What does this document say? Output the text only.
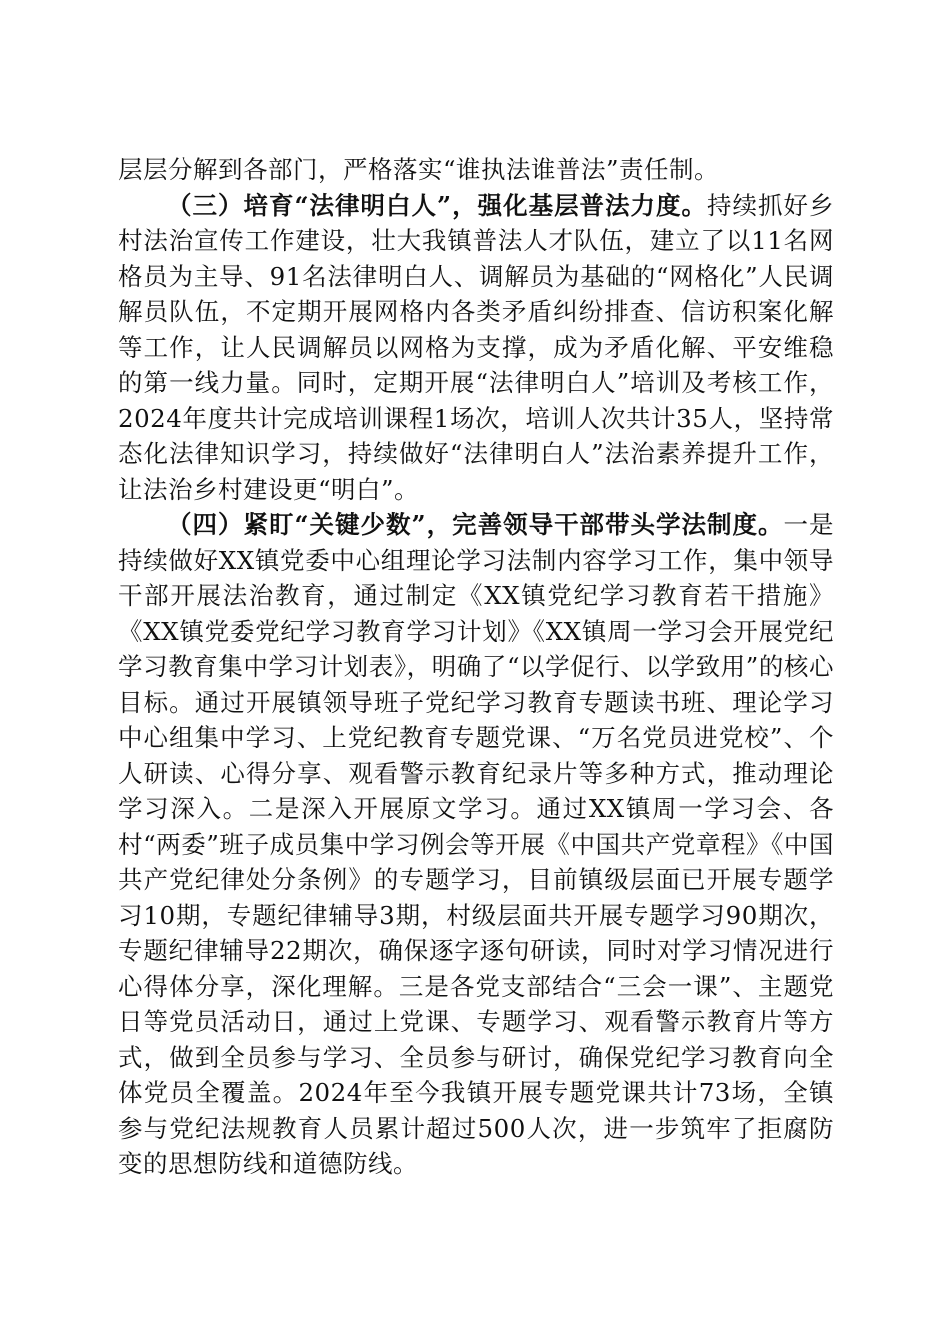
层层分解到各部门，严格落实“谁执法谁普法”责任制。

（三）培育“法律明白人”，强化基层普法力度。持续抓好乡村法治宣传工作建设，壮大我镇普法人才队伍，建立了以11名网格员为主导、91名法律明白人、调解员为基础的“网格化”人民调解员队伍，不定期开展网格内各类矛盾纠纷排查、信访积案化解等工作，让人民调解员以网格为支撑，成为矛盾化解、平安维稳的第一线力量。同时，定期开展“法律明白人”培训及考核工作，2024年度共计完成培训课程1场次，培训人次共计35人，坚持常态化法律知识学习，持续做好“法律明白人”法治素养提升工作，让法治乡村建设更“明白”。

（四）紧盯“关键少数”，完善领导干部带头学法制度。一是持续做好XX镇党委中心组理论学习法制内容学习工作，集中领导干部开展法治教育，通过制定《XX镇党纪学习教育若干措施》《XX镇党委党纪学习教育学习计划》《XX镇周一学习会开展党纪学习教育集中学习计划表》，明确了“以学促行、以学致用”的核心目标。通过开展镇领导班子党纪学习教育专题读书班、理论学习中心组集中学习、上党纪教育专题党课、“万名党员进党校”、个人研读、心得分享、观看警示教育纪录片等多种方式，推动理论学习深入。二是深入开展原文学习。通过XX镇周一学习会、各村“两委”班子成员集中学习例会等开展《中国共产党章程》《中国共产党纪律处分条例》的专题学习，目前镇级层面已开展专题学习10期，专题纪律辅导3期，村级层面共开展专题学习90期次，专题纪律辅导22期次，确保逐字逐句研读，同时对学习情况进行心得体分享，深化理解。三是各党支部结合“三会一课”、主题党日等党员活动日，通过上党课、专题学习、观看警示教育片等方式，做到全员参与学习、全员参与研讨，确保党纪学习教育向全体党员全覆盖。2024年至今我镇开展专题党课共计73场，全镇参与党纪法规教育人员累计超过500人次，进一步筑牢了拒腐防变的思想防线和道德防线。
